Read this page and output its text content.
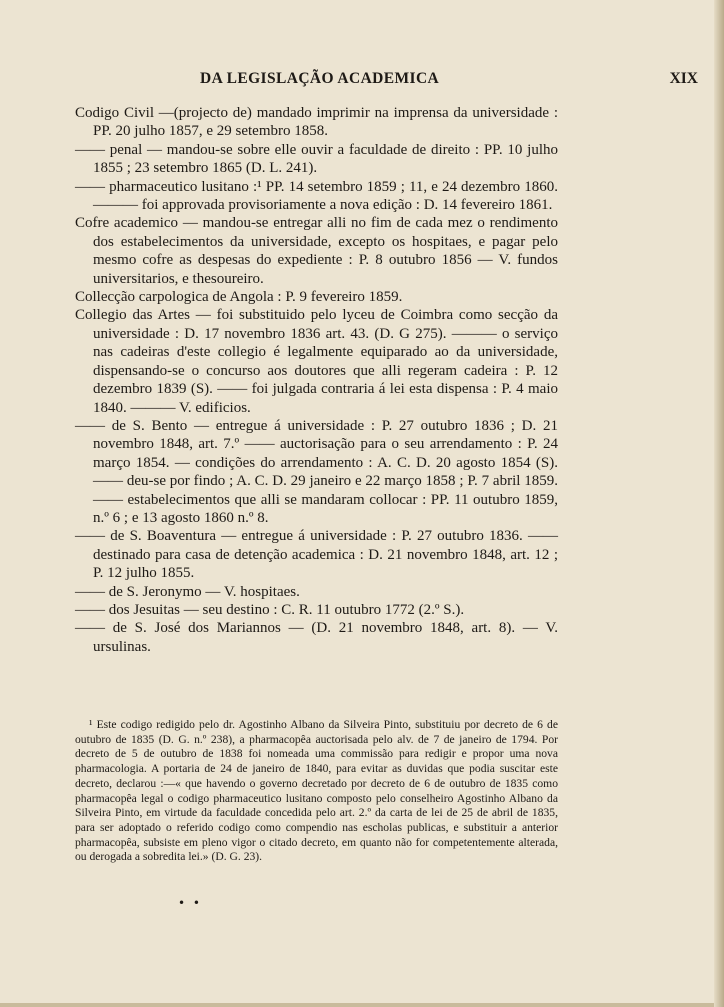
DA LEGISLAÇÃO ACADEMICA	XIX

Codigo Civil —(projecto de) mandado imprimir na imprensa da universidade : PP. 20 julho 1857, e 29 setembro 1858.

—— penal — mandou-se sobre elle ouvir a faculdade de direito : PP. 10 julho 1855 ; 23 setembro 1865 (D. L. 241).

—— pharmaceutico lusitano :¹ PP. 14 setembro 1859 ; 11, e 24 dezembro 1860. ——— foi approvada provisoriamente a nova edição : D. 14 fevereiro 1861.

Cofre academico — mandou-se entregar alli no fim de cada mez o rendimento dos estabelecimentos da universidade, excepto os hospitaes, e pagar pelo mesmo cofre as despesas do expediente : P. 8 outubro 1856 — V. fundos universitarios, e thesoureiro.

Collecção carpologica de Angola : P. 9 fevereiro 1859.

Collegio das Artes — foi substituido pelo lyceu de Coimbra como secção da universidade : D. 17 novembro 1836 art. 43. (D. G 275). ——— o serviço nas cadeiras d'este collegio é legalmente equiparado ao da universidade, dispensando-se o concurso aos doutores que alli regeram cadeira : P. 12 dezembro 1839 (S). —— foi julgada contraria á lei esta dispensa : P. 4 maio 1840. ——— V. edificios.

—— de S. Bento — entregue á universidade : P. 27 outubro 1836 ; D. 21 novembro 1848, art. 7.º —— auctorisação para o seu arrendamento : P. 24 março 1854. — condições do arrendamento : A. C. D. 20 agosto 1854 (S). —— deu-se por findo ; A. C. D. 29 janeiro e 22 março 1858 ; P. 7 abril 1859. —— estabelecimentos que alli se mandaram collocar : PP. 11 outubro 1859, n.º 6 ; e 13 agosto 1860 n.º 8.

—— de S. Boaventura — entregue á universidade : P. 27 outubro 1836. —— destinado para casa de detenção academica : D. 21 novembro 1848, art. 12 ; P. 12 julho 1855.

—— de S. Jeronymo — V. hospitaes.

—— dos Jesuitas — seu destino : C. R. 11 outubro 1772 (2.º S.).

—— de S. José dos Mariannos — (D. 21 novembro 1848, art. 8). — V. ursulinas.

¹ Este codigo redigido pelo dr. Agostinho Albano da Silveira Pinto, substituiu por decreto de 6 de outubro de 1835 (D. G. n.º 238), a pharmacopêa auctorisada pelo alv. de 7 de janeiro de 1794. Por decreto de 5 de outubro de 1838 foi nomeada uma commissão para redigir e propor uma nova pharmacologia. A portaria de 24 de janeiro de 1840, para evitar as duvidas que podia suscitar este decreto, declarou :—« que havendo o governo decretado por decreto de 6 de outubro de 1835 como pharmacopêa legal o codigo pharmaceutico lusitano composto pelo conselheiro Agostinho Albano da Silveira Pinto, em virtude da faculdade concedida pelo art. 2.º da carta de lei de 25 de abril de 1835, para ser adoptado o referido codigo como compendio nas escholas publicas, e substituir a anterior pharmacopêa, subsiste em pleno vigor o citado decreto, em quanto não for competentemente alterada, ou derogada a sobredita lei.» (D. G. 23).

• •
